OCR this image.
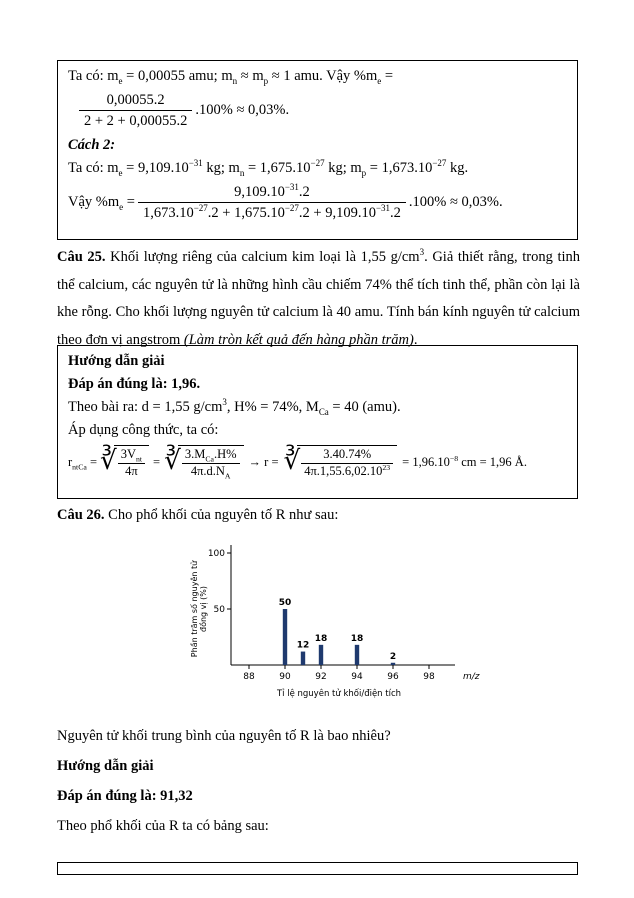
Ta có: $m_e = 0,00055$ amu; $m_n \approx m_p \approx 1$ amu. Vậy $\%m_e$ =
$\frac{0,00055.2}{2 + 2 + 0,00055.2} .100\% \approx 0,03\%$.
Cách 2:
Ta có: $m_e = 9,109.10^{-31}$ kg; $m_n = 1,675.10^{-27}$ kg; $m_p = 1,673.10^{-27}$ kg.
Vậy $\%m_e = \frac{9,109.10^{-31}.2}{1,673.10^{-27}.2 + 1,675.10^{-27}.2 + 9,109.10^{-31}.2} .100\% \approx 0,03\%$.
Câu 25. Khối lượng riêng của calcium kim loại là 1,55 $g/cm^3$. Giả thiết rằng, trong tinh thể calcium, các nguyên tử là những hình cầu chiếm 74% thể tích tinh thể, phần còn lại là khe rỗng. Cho khối lượng nguyên tử calcium là 40 amu. Tính bán kính nguyên tử calcium theo đơn vị angstrom (Làm tròn kết quả đến hàng phần trăm).
Hướng dẫn giải
Đáp án đúng là: 1,96.
Theo bài ra: d = 1,55 $g/cm^3$, H% = 74%, $M_{Ca} = 40$ (amu).
Áp dụng công thức, ta có:
$r_{ntCa}$ = ∛ $\frac{3V_{nt}}{4\pi}$ = ∛ $\frac{3.M_{Ca}.H\%}{4\pi.d.N_A} \to r$ = ∛ $\frac{3.40.74\%}{4\pi.1,55.6,02.10^{23}} = 1,96.10^{-8}$ cm = 1,96 Å.
Câu 26. Cho phổ khối của nguyên tố R như sau:
50
100
88	90	92	94	96	98	m/z
50
12
18	18
2
Phần trăm số nguyên tửđồng vị (%)
Tỉ lệ nguyên tử khối/điện tích
Nguyên tử khối trung bình của nguyên tố R là bao nhiêu?
Hướng dẫn giải
Đáp án đúng là: 91,32
Theo phổ khối của R ta có bảng sau:
